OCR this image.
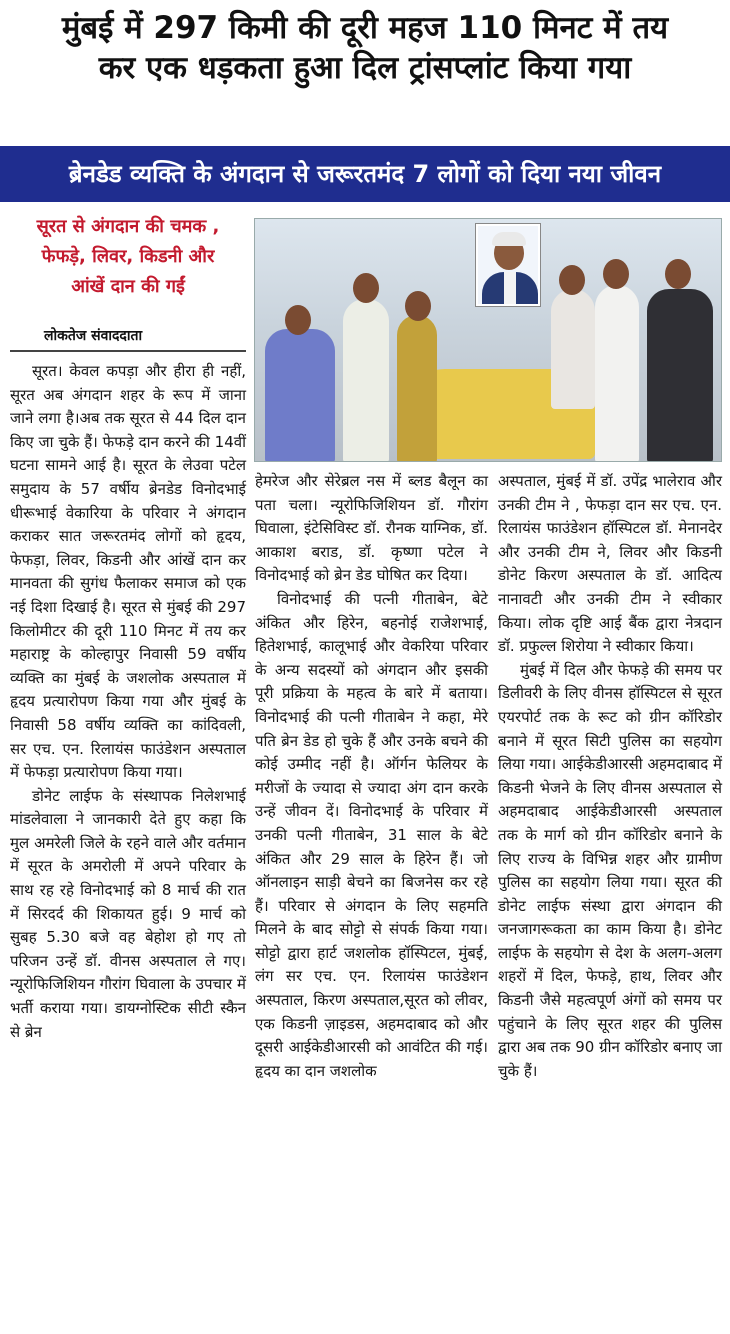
मुंबई में 297 किमी की दूरी महज 110 मिनट में तय
कर एक धड़कता हुआ दिल ट्रांसप्लांट किया गया
ब्रेनडेड व्यक्ति के अंगदान से जरूरतमंद 7 लोगों को दिया नया जीवन
सूरत से अंगदान की चमक ,
फेफड़े, लिवर, किडनी और
आंखें दान की गईं
लोकतेज संवाददाता

सूरत। केवल कपड़ा और हीरा ही नहीं, सूरत अब अंगदान शहर के रूप में जाना जाने लगा है।अब तक सूरत से 44 दिल दान किए जा चुके हैं। फेफड़े दान करने की 14वीं घटना सामने आई है। सूरत के लेउवा पटेल समुदाय के 57 वर्षीय ब्रेनडेड विनोदभाई धीरूभाई वेकारिया के परिवार ने अंगदान कराकर सात जरूरतमंद लोगों को हृदय, फेफड़ा, लिवर, किडनी और आंखें दान कर मानवता की सुगंध फैलाकर समाज को एक नई दिशा दिखाई है। सूरत से मुंबई की 297 किलोमीटर की दूरी 110 मिनट में तय कर महाराष्ट्र के कोल्हापुर निवासी 59 वर्षीय व्यक्ति का मुंबई के जशलोक अस्पताल में हृदय प्रत्यारोपण किया गया और मुंबई के निवासी 58 वर्षीय व्यक्ति का कांदिवली, सर एच. एन. रिलायंस फाउंडेशन अस्पताल में फेफड़ा प्रत्यारोपण किया गया।

डोनेट लाईफ के संस्थापक निलेशभाई मांडलेवाला ने जानकारी देते हुए कहा कि मुल अमरेली जिले के रहने वाले और वर्तमान में सूरत के अमरोली में अपने परिवार के साथ रह रहे विनोदभाई को 8 मार्च की रात में सिरदर्द की शिकायत हुई। 9 मार्च को सुबह 5.30 बजे वह बेहोश हो गए तो परिजन उन्हें डॉ. वीनस अस्पताल ले गए। न्यूरोफिजिशियन गौरांग घिवाला के उपचार में भर्ती कराया गया। डायग्नोस्टिक सीटी स्कैन से ब्रेन

हेमरेज और सेरेब्रल नस में ब्लड बैलून का पता चला। न्यूरोफिजिशियन डॉ. गौरांग घिवाला, इंटेसिविस्ट डॉ. रौनक याग्निक, डॉ. आकाश बराड, डॉ. कृष्णा पटेल ने विनोदभाई को ब्रेन डेड घोषित कर दिया।

विनोदभाई की पत्नी गीताबेन, बेटे अंकित और हिरेन, बहनोई राजेशभाई, हितेशभाई, कालूभाई और वेकरिया परिवार के अन्य सदस्यों को अंगदान और इसकी पूरी प्रक्रिया के महत्व के बारे में बताया। विनोदभाई की पत्नी गीताबेन ने कहा, मेरे पति ब्रेन डेड हो चुके हैं और उनके बचने की कोई उम्मीद नहीं है। ऑर्गन फेलियर के मरीजों के ज्यादा से ज्यादा अंग दान करके उन्हें जीवन दें। विनोदभाई के परिवार में उनकी पत्नी गीताबेन, 31 साल के बेटे अंकित और 29 साल के हिरेन हैं। जो ऑनलाइन साड़ी बेचने का बिजनेस कर रहे हैं। परिवार से अंगदान के लिए सहमति मिलने के बाद सोट्टो से संपर्क किया गया। सोट्टो द्वारा हार्ट जशलोक हॉस्पिटल, मुंबई, लंग सर एच. एन. रिलायंस फाउंडेशन अस्पताल, किरण अस्पताल,सूरत को लीवर, एक किडनी ज़ाइडस, अहमदाबाद को और दूसरी आईकेडीआरसी को आवंटित की गई। हृदय का दान जशलोक

अस्पताल, मुंबई में डॉ. उपेंद्र भालेराव और उनकी टीम ने , फेफड़ा दान सर एच. एन. रिलायंस फाउंडेशन हॉस्पिटल डॉ. मेनानदेर और उनकी टीम ने, लिवर और किडनी डोनेट किरण अस्पताल के डॉ. आदित्य नानावटी और उनकी टीम ने स्वीकार किया। लोक दृष्टि आई बैंक द्वारा नेत्रदान डॉ. प्रफुल्ल शिरोया ने स्वीकार किया।

मुंबई में दिल और फेफड़े की समय पर डिलीवरी के लिए वीनस हॉस्पिटल से सूरत एयरपोर्ट तक के रूट को ग्रीन कॉरिडोर बनाने में सूरत सिटी पुलिस का सहयोग लिया गया। आईकेडीआरसी अहमदाबाद में किडनी भेजने के लिए वीनस अस्पताल से अहमदाबाद आईकेडीआरसी अस्पताल तक के मार्ग को ग्रीन कॉरिडोर बनाने के लिए राज्य के विभिन्न शहर और ग्रामीण पुलिस का सहयोग लिया गया। सूरत की डोनेट लाईफ संस्था द्वारा अंगदान की जनजागरूकता का काम किया है। डोनेट लाईफ के सहयोग से देश के अलग-अलग शहरों में दिल, फेफड़े, हाथ, लिवर और किडनी जैसे महत्वपूर्ण अंगों को समय पर पहुंचाने के लिए सूरत शहर की पुलिस द्वारा अब तक 90 ग्रीन कॉरिडोर बनाए जा चुके हैं।
